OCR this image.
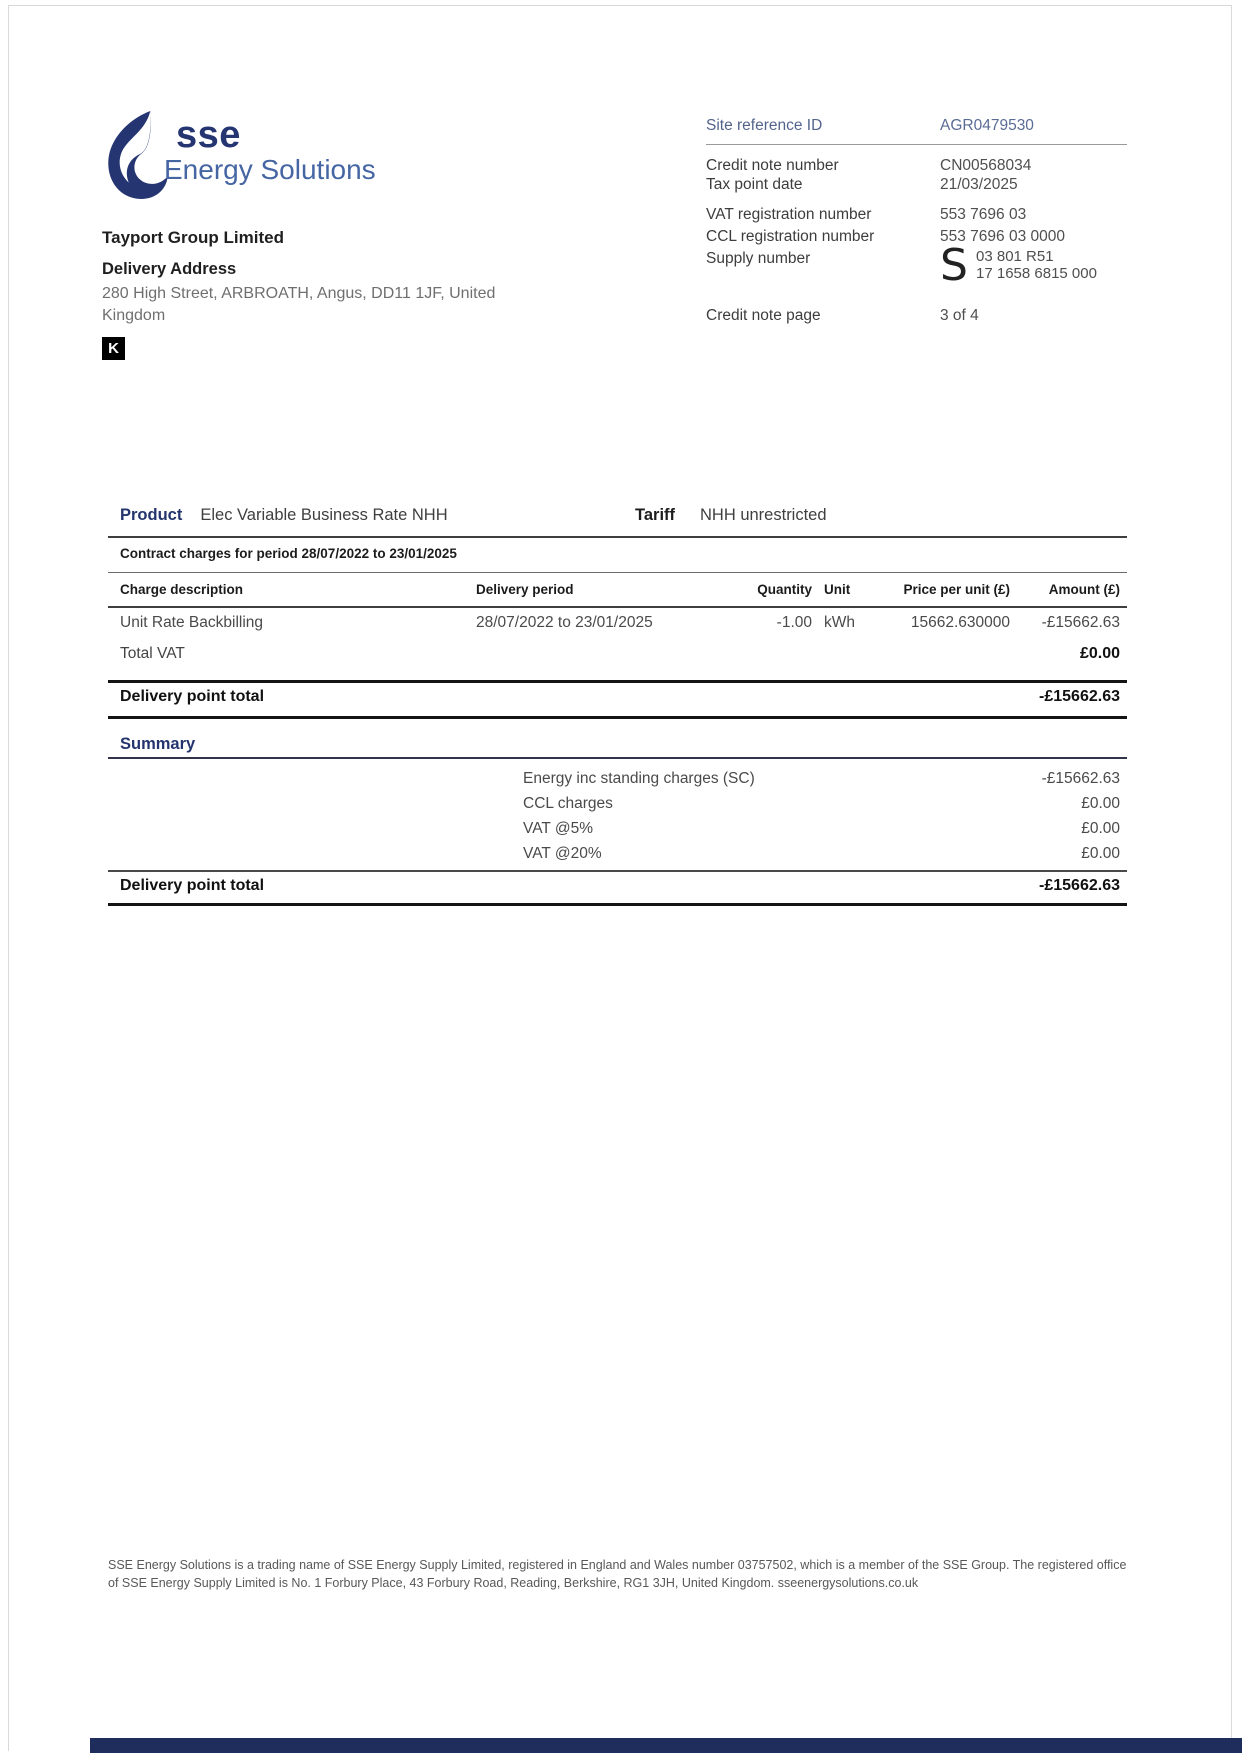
sse
Energy Solutions
Tayport Group Limited
Delivery Address
280 High Street, ARBROATH, Angus, DD11 1JF, United Kingdom
K
Site reference ID	AGR0479530
Credit note number	CN00568034
Tax point date	21/03/2025
VAT registration number	553 7696 03
CCL registration number	553 7696 03 0000
Supply number	S 03 801 R51
17 1658 6815 000
Credit note page	3 of 4
Product Elec Variable Business Rate NHH	Tariff NHH unrestricted
Contract charges for period 28/07/2022 to 23/01/2025
Charge description	Delivery period	Quantity Unit	Price per unit (£)	Amount (£)
Unit Rate Backbilling	28/07/2022 to 23/01/2025	-1.00 kWh	15662.630000	-£15662.63
Total VAT	£0.00
Delivery point total	-£15662.63
Summary
Energy inc standing charges (SC)	-£15662.63
CCL charges	£0.00
VAT @5%	£0.00
VAT @20%	£0.00
Delivery point total	-£15662.63
SSE Energy Solutions is a trading name of SSE Energy Supply Limited, registered in England and Wales number 03757502, which is a member of the SSE Group. The registered office
of SSE Energy Supply Limited is No. 1 Forbury Place, 43 Forbury Road, Reading, Berkshire, RG1 3JH, United Kingdom. sseenergysolutions.co.uk
